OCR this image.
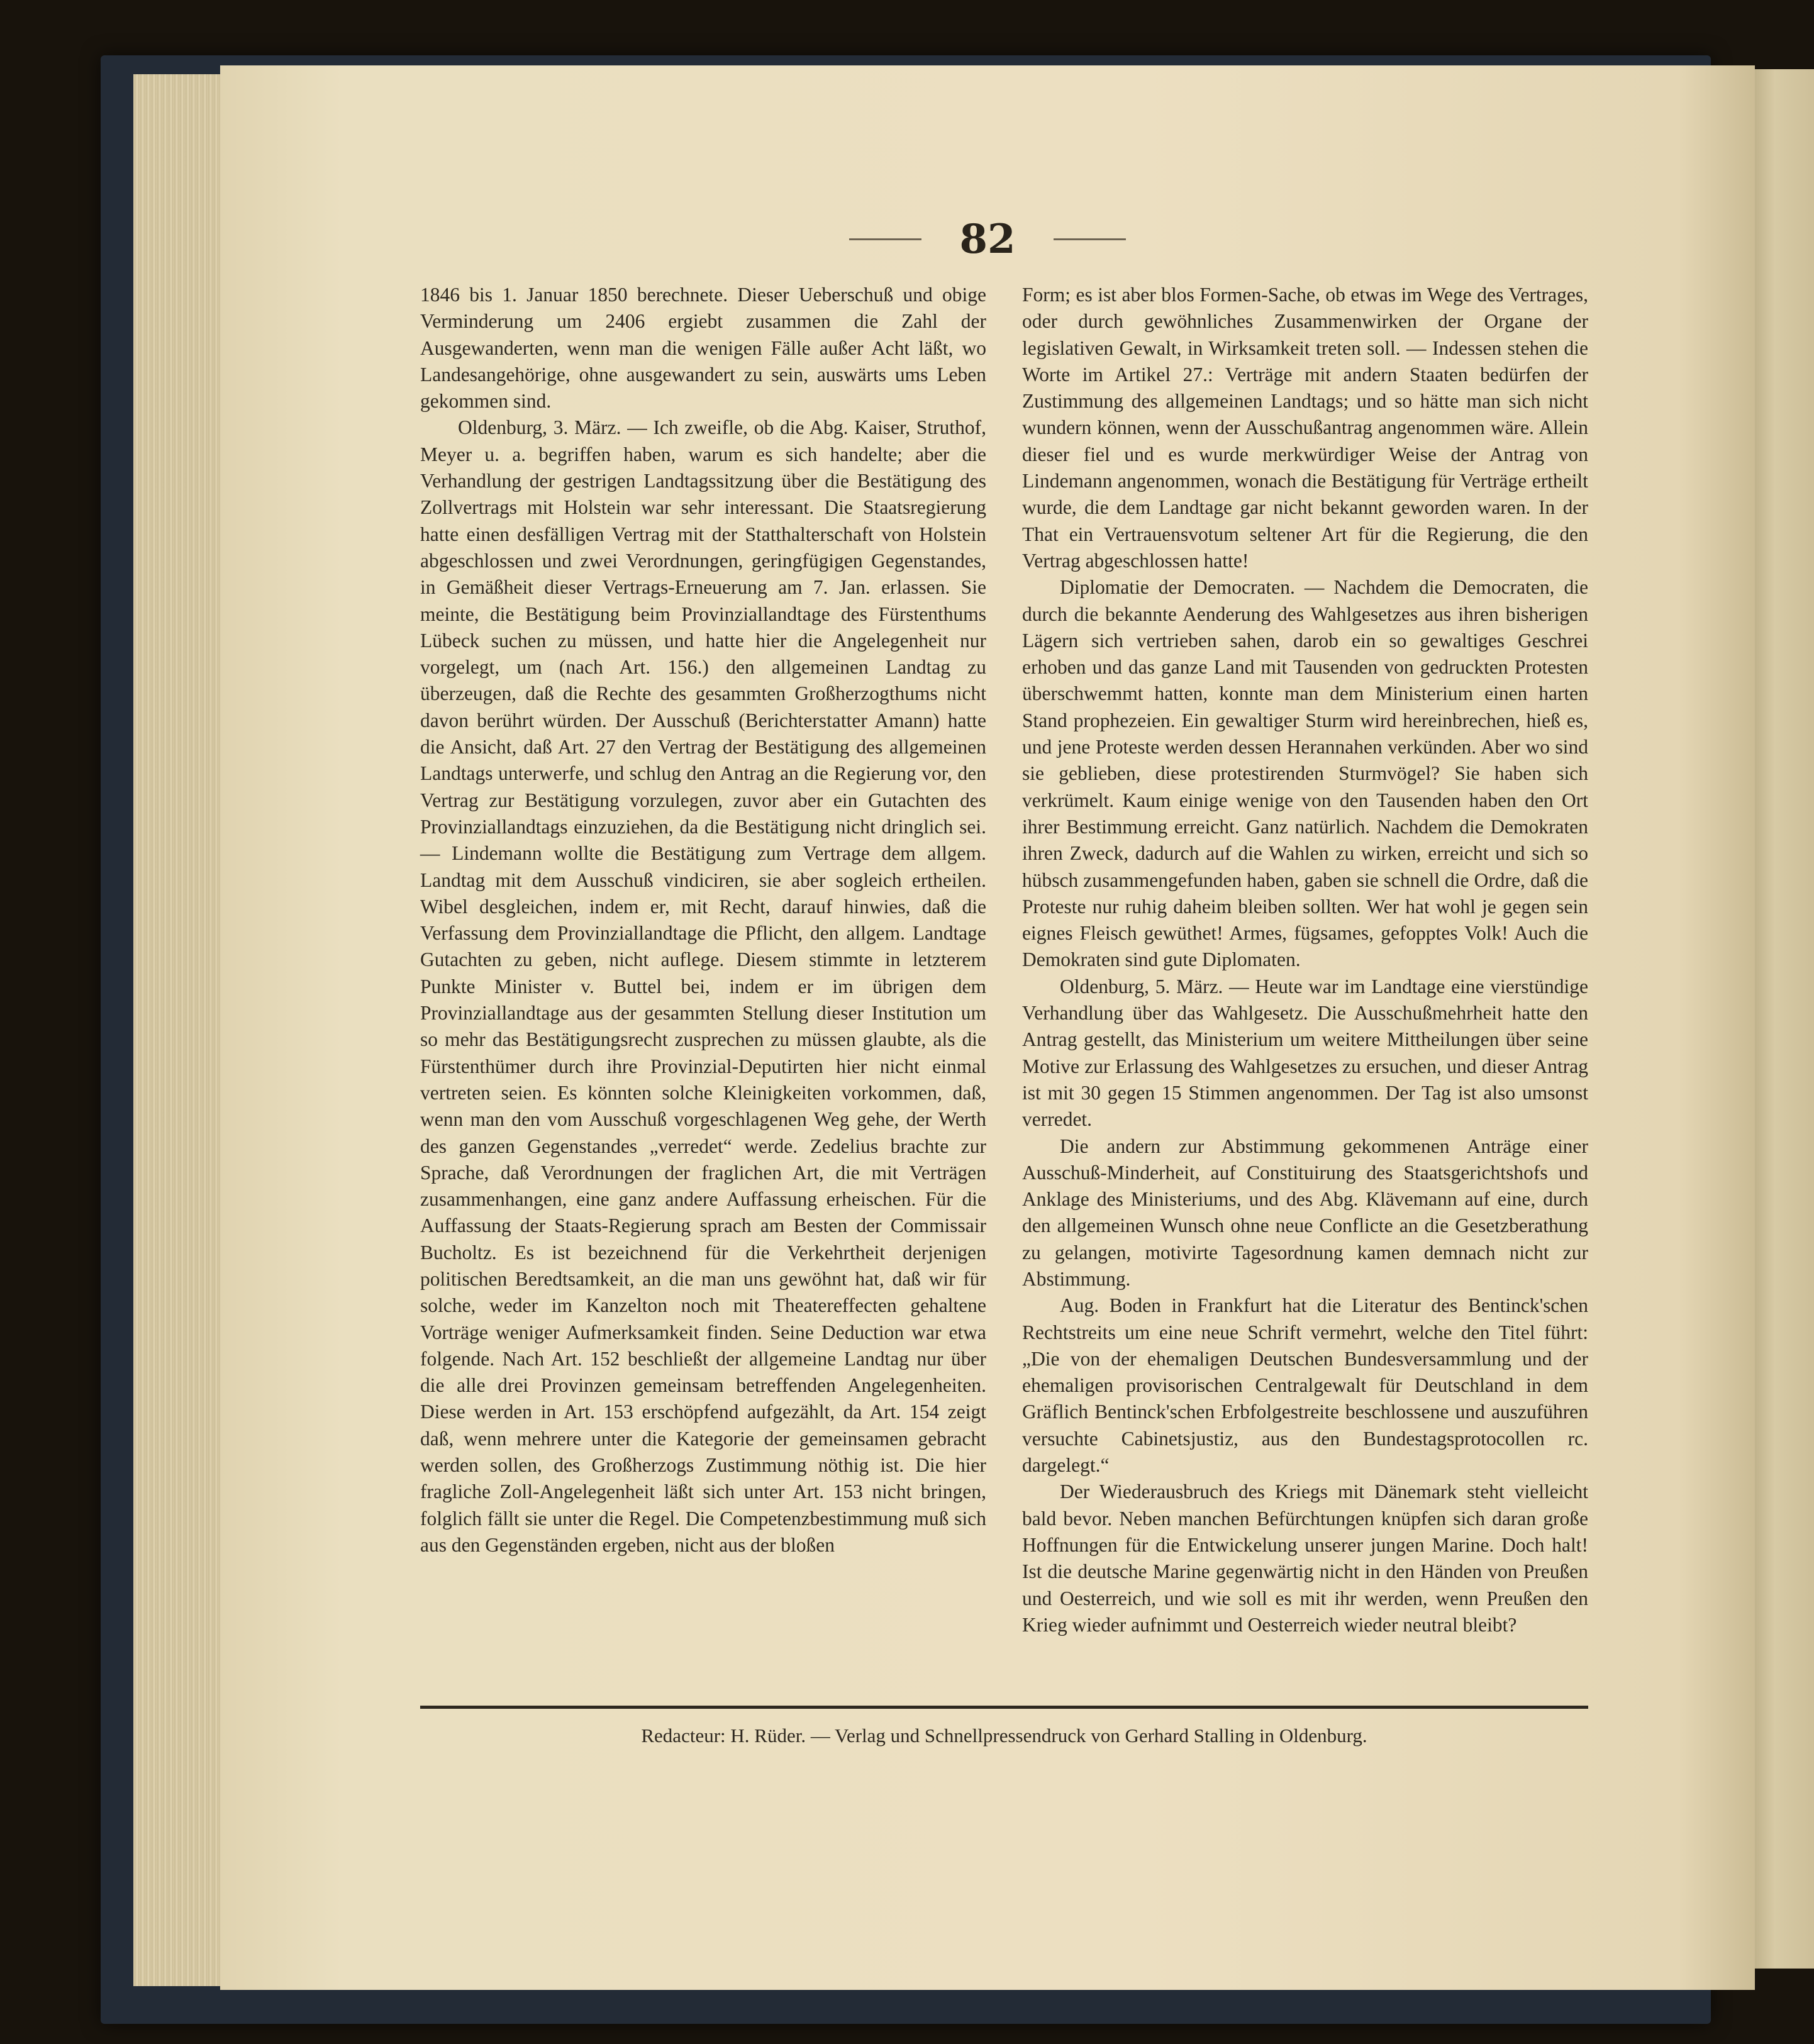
82

1846 bis 1. Januar 1850 berechnete. Dieser Ueberschuß und obige Verminderung um 2406 ergiebt zusammen die Zahl der Ausgewanderten, wenn man die wenigen Fälle außer Acht läßt, wo Landesangehörige, ohne ausgewandert zu sein, auswärts ums Leben gekommen sind.

Oldenburg, 3. März. — Ich zweifle, ob die Abg. Kaiser, Struthof, Meyer u. a. begriffen haben, warum es sich handelte; aber die Verhandlung der gestrigen Landtagssitzung über die Bestätigung des Zollvertrags mit Holstein war sehr interessant. Die Staatsregierung hatte einen desfälligen Vertrag mit der Statthalterschaft von Holstein abgeschlossen und zwei Verordnungen, geringfügigen Gegenstandes, in Gemäßheit dieser Vertrags-Erneuerung am 7. Jan. erlassen. Sie meinte, die Bestätigung beim Provinziallandtage des Fürstenthums Lübeck suchen zu müssen, und hatte hier die Angelegenheit nur vorgelegt, um (nach Art. 156.) den allgemeinen Landtag zu überzeugen, daß die Rechte des gesammten Großherzogthums nicht davon berührt würden. Der Ausschuß (Berichterstatter Amann) hatte die Ansicht, daß Art. 27 den Vertrag der Bestätigung des allgemeinen Landtags unterwerfe, und schlug den Antrag an die Regierung vor, den Vertrag zur Bestätigung vorzulegen, zuvor aber ein Gutachten des Provinziallandtags einzuziehen, da die Bestätigung nicht dringlich sei. — Lindemann wollte die Bestätigung zum Vertrage dem allgem. Landtag mit dem Ausschuß vindiciren, sie aber sogleich ertheilen. Wibel desgleichen, indem er, mit Recht, darauf hinwies, daß die Verfassung dem Provinziallandtage die Pflicht, den allgem. Landtage Gutachten zu geben, nicht auflege. Diesem stimmte in letzterem Punkte Minister v. Buttel bei, indem er im übrigen dem Provinziallandtage aus der gesammten Stellung dieser Institution um so mehr das Bestätigungsrecht zusprechen zu müssen glaubte, als die Fürstenthümer durch ihre Provinzial-Deputirten hier nicht einmal vertreten seien. Es könnten solche Kleinigkeiten vorkommen, daß, wenn man den vom Ausschuß vorgeschlagenen Weg gehe, der Werth des ganzen Gegenstandes „verredet“ werde. Zedelius brachte zur Sprache, daß Verordnungen der fraglichen Art, die mit Verträgen zusammenhangen, eine ganz andere Auffassung erheischen. Für die Auffassung der Staats-Regierung sprach am Besten der Commissair Bucholtz. Es ist bezeichnend für die Verkehrtheit derjenigen politischen Beredtsamkeit, an die man uns gewöhnt hat, daß wir für solche, weder im Kanzelton noch mit Theatereffecten gehaltene Vorträge weniger Aufmerksamkeit finden. Seine Deduction war etwa folgende. Nach Art. 152 beschließt der allgemeine Landtag nur über die alle drei Provinzen gemeinsam betreffenden Angelegenheiten. Diese werden in Art. 153 erschöpfend aufgezählt, da Art. 154 zeigt daß, wenn mehrere unter die Kategorie der gemeinsamen gebracht werden sollen, des Großherzogs Zustimmung nöthig ist. Die hier fragliche Zoll-Angelegenheit läßt sich unter Art. 153 nicht bringen, folglich fällt sie unter die Regel. Die Competenzbestimmung muß sich aus den Gegenständen ergeben, nicht aus der bloßen

Form; es ist aber blos Formen-Sache, ob etwas im Wege des Vertrages, oder durch gewöhnliches Zusammenwirken der Organe der legislativen Gewalt, in Wirksamkeit treten soll. — Indessen stehen die Worte im Artikel 27.: Verträge mit andern Staaten bedürfen der Zustimmung des allgemeinen Landtags; und so hätte man sich nicht wundern können, wenn der Ausschußantrag angenommen wäre. Allein dieser fiel und es wurde merkwürdiger Weise der Antrag von Lindemann angenommen, wonach die Bestätigung für Verträge ertheilt wurde, die dem Landtage gar nicht bekannt geworden waren. In der That ein Vertrauensvotum seltener Art für die Regierung, die den Vertrag abgeschlossen hatte!

Diplomatie der Democraten. — Nachdem die Democraten, die durch die bekannte Aenderung des Wahlgesetzes aus ihren bisherigen Lägern sich vertrieben sahen, darob ein so gewaltiges Geschrei erhoben und das ganze Land mit Tausenden von gedruckten Protesten überschwemmt hatten, konnte man dem Ministerium einen harten Stand prophezeien. Ein gewaltiger Sturm wird hereinbrechen, hieß es, und jene Proteste werden dessen Herannahen verkünden. Aber wo sind sie geblieben, diese protestirenden Sturmvögel? Sie haben sich verkrümelt. Kaum einige wenige von den Tausenden haben den Ort ihrer Bestimmung erreicht. Ganz natürlich. Nachdem die Demokraten ihren Zweck, dadurch auf die Wahlen zu wirken, erreicht und sich so hübsch zusammengefunden haben, gaben sie schnell die Ordre, daß die Proteste nur ruhig daheim bleiben sollten. Wer hat wohl je gegen sein eignes Fleisch gewüthet! Armes, fügsames, gefopptes Volk! Auch die Demokraten sind gute Diplomaten.

Oldenburg, 5. März. — Heute war im Landtage eine vierstündige Verhandlung über das Wahlgesetz. Die Ausschußmehrheit hatte den Antrag gestellt, das Ministerium um weitere Mittheilungen über seine Motive zur Erlassung des Wahlgesetzes zu ersuchen, und dieser Antrag ist mit 30 gegen 15 Stimmen angenommen. Der Tag ist also umsonst verredet.

Die andern zur Abstimmung gekommenen Anträge einer Ausschuß-Minderheit, auf Constituirung des Staatsgerichtshofs und Anklage des Ministeriums, und des Abg. Klävemann auf eine, durch den allgemeinen Wunsch ohne neue Conflicte an die Gesetzberathung zu gelangen, motivirte Tagesordnung kamen demnach nicht zur Abstimmung.

Aug. Boden in Frankfurt hat die Literatur des Bentinck'schen Rechtstreits um eine neue Schrift vermehrt, welche den Titel führt: „Die von der ehemaligen Deutschen Bundesversammlung und der ehemaligen provisorischen Centralgewalt für Deutschland in dem Gräflich Bentinck'schen Erbfolgestreite beschlossene und auszuführen versuchte Cabinetsjustiz, aus den Bundestagsprotocollen rc. dargelegt.“

Der Wiederausbruch des Kriegs mit Dänemark steht vielleicht bald bevor. Neben manchen Befürchtungen knüpfen sich daran große Hoffnungen für die Entwickelung unserer jungen Marine. Doch halt! Ist die deutsche Marine gegenwärtig nicht in den Händen von Preußen und Oesterreich, und wie soll es mit ihr werden, wenn Preußen den Krieg wieder aufnimmt und Oesterreich wieder neutral bleibt?

Redacteur: H. Rüder. — Verlag und Schnellpressendruck von Gerhard Stalling in Oldenburg.
